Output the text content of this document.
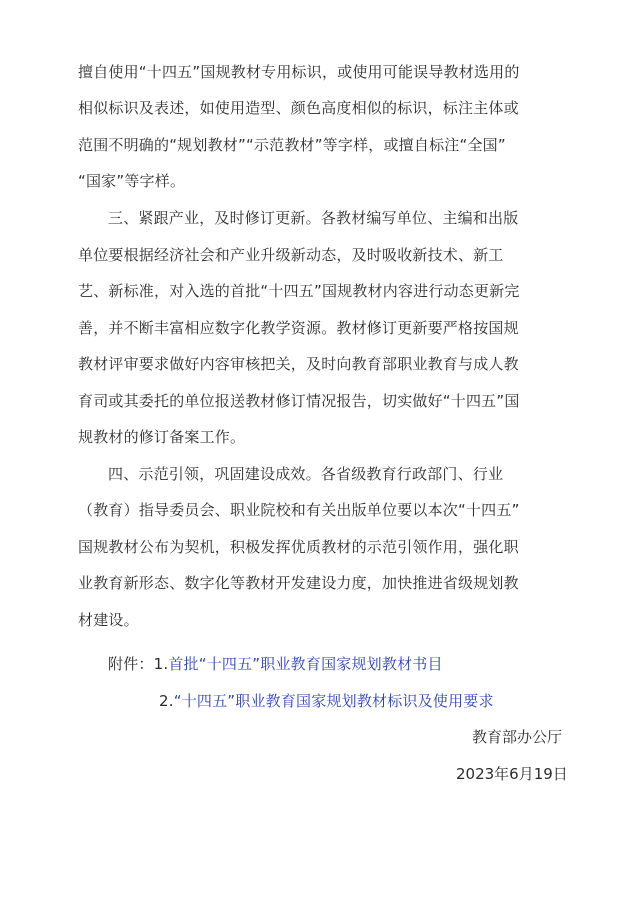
擅自使用“十四五”国规教材专用标识，或使用可能误导教材选用的
相似标识及表述，如使用造型、颜色高度相似的标识，标注主体或
范围不明确的“规划教材”“示范教材”等字样，或擅自标注“全国”
“国家”等字样。
三、紧跟产业，及时修订更新。各教材编写单位、主编和出版
单位要根据经济社会和产业升级新动态，及时吸收新技术、新工
艺、新标准，对入选的首批“十四五”国规教材内容进行动态更新完
善，并不断丰富相应数字化教学资源。教材修订更新要严格按国规
教材评审要求做好内容审核把关，及时向教育部职业教育与成人教
育司或其委托的单位报送教材修订情况报告，切实做好“十四五”国
规教材的修订备案工作。
四、示范引领，巩固建设成效。各省级教育行政部门、行业
（教育）指导委员会、职业院校和有关出版单位要以本次“十四五”
国规教材公布为契机，积极发挥优质教材的示范引领作用，强化职
业教育新形态、数字化等教材开发建设力度，加快推进省级规划教
材建设。
附件：1.首批“十四五”职业教育国家规划教材书目
2.“十四五”职业教育国家规划教材标识及使用要求
教育部办公厅
2023年6月19日
